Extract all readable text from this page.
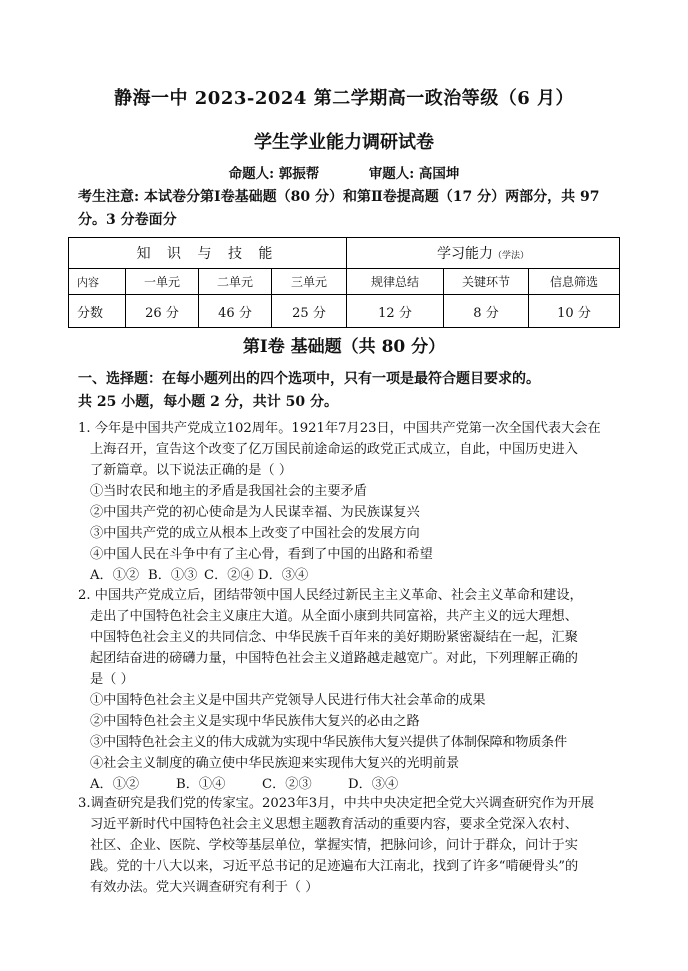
静海一中 2023-2024 第二学期高一政治等级（6 月）
学生学业能力调研试卷
命题人: 郭振帮	审题人: 高国坤
考生注意: 本试卷分第Ⅰ卷基础题（80 分）和第Ⅱ卷提高题（17 分）两部分，共 97 分。3 分卷面分
知 识 与 技 能				学习能力（学法）		
内容	一单元	二单元	三单元	规律总结	关键环节	信息筛选
分数	26 分	46 分	25 分	12 分	8 分	10 分
第Ⅰ卷 基础题（共 80 分）
一、选择题：在每小题列出的四个选项中，只有一项是最符合题目要求的。
共 25 小题，每小题 2 分，共计 50 分。
1. 今年是中国共产党成立102周年。1921年7月23日，中国共产党第一次全国代表大会在
上海召开，宣告这个改变了亿万国民前途命运的政党正式成立，自此，中国历史进入
了新篇章。以下说法正确的是（ ）
①当时农民和地主的矛盾是我国社会的主要矛盾
②中国共产党的初心使命是为人民谋幸福、为民族谋复兴
③中国共产党的成立从根本上改变了中国社会的发展方向
④中国人民在斗争中有了主心骨，看到了中国的出路和希望
A．①② B．①③ C．②④ D．③④
2. 中国共产党成立后，团结带领中国人民经过新民主主义革命、社会主义革命和建设，
走出了中国特色社会主义康庄大道。从全面小康到共同富裕，共产主义的远大理想、
中国特色社会主义的共同信念、中华民族千百年来的美好期盼紧密凝结在一起，汇聚
起团结奋进的磅礴力量，中国特色社会主义道路越走越宽广。对此，下列理解正确的
是（ ）
①中国特色社会主义是中国共产党领导人民进行伟大社会革命的成果
②中国特色社会主义是实现中华民族伟大复兴的必由之路
③中国特色社会主义的伟大成就为实现中华民族伟大复兴提供了体制保障和物质条件
④社会主义制度的确立使中华民族迎来实现伟大复兴的光明前景
A．①②	B．①④	C．②③	D．③④
3.调查研究是我们党的传家宝。2023年3月，中共中央决定把全党大兴调查研究作为开展
习近平新时代中国特色社会主义思想主题教育活动的重要内容，要求全党深入农村、
社区、企业、医院、学校等基层单位，掌握实情，把脉问诊，问计于群众，问计于实
践。党的十八大以来，习近平总书记的足迹遍布大江南北，找到了许多“啃硬骨头”的
有效办法。党大兴调查研究有利于（ ）
